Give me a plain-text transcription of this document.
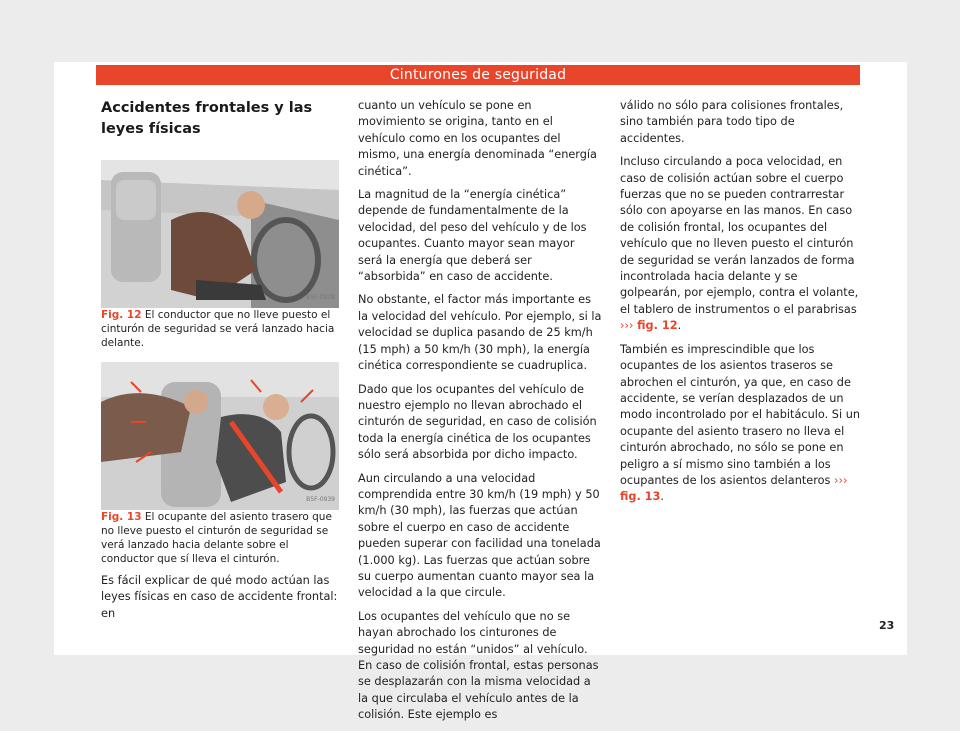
Cinturones de seguridad
Accidentes frontales y las leyes físicas
B5F-0938

Fig. 12 El conductor que no lleve puesto el cinturón de seguridad se verá lanzado hacia delante.

B5F-0939

Fig. 13 El ocupante del asiento trasero que no lleve puesto el cinturón de seguridad se verá lanzado hacia delante sobre el conductor que sí lleva el cinturón.

Es fácil explicar de qué modo actúan las leyes físicas en caso de accidente frontal: en

cuanto un vehículo se pone en movimiento se origina, tanto en el vehículo como en los ocupantes del mismo, una energía denominada “energía cinética”.

La magnitud de la “energía cinética” depende de fundamentalmente de la velocidad, del peso del vehículo y de los ocupantes. Cuanto mayor sean mayor será la energía que deberá ser “absorbida” en caso de accidente.

No obstante, el factor más importante es la velocidad del vehículo. Por ejemplo, si la velocidad se duplica pasando de 25 km/h (15 mph) a 50 km/h (30 mph), la energía cinética correspondiente se cuadruplica.

Dado que los ocupantes del vehículo de nuestro ejemplo no llevan abrochado el cinturón de seguridad, en caso de colisión toda la energía cinética de los ocupantes sólo será absorbida por dicho impacto.

Aun circulando a una velocidad comprendida entre 30 km/h (19 mph) y 50 km/h (30 mph), las fuerzas que actúan sobre el cuerpo en caso de accidente pueden superar con facilidad una tonelada (1.000 kg). Las fuerzas que actúan sobre su cuerpo aumentan cuanto mayor sea la velocidad a la que circule.

Los ocupantes del vehículo que no se hayan abrochado los cinturones de seguridad no están “unidos” al vehículo. En caso de colisión frontal, estas personas se desplazarán con la misma velocidad a la que circulaba el vehículo antes de la colisión. Este ejemplo es

válido no sólo para colisiones frontales, sino también para todo tipo de accidentes.

Incluso circulando a poca velocidad, en caso de colisión actúan sobre el cuerpo fuerzas que no se pueden contrarrestar sólo con apoyarse en las manos. En caso de colisión frontal, los ocupantes del vehículo que no lleven puesto el cinturón de seguridad se verán lanzados de forma incontrolada hacia delante y se golpearán, por ejemplo, contra el volante, el tablero de instrumentos o el parabrisas ››› fig. 12.

También es imprescindible que los ocupantes de los asientos traseros se abrochen el cinturón, ya que, en caso de accidente, se verían desplazados de un modo incontrolado por el habitáculo. Si un ocupante del asiento trasero no lleva el cinturón abrochado, no sólo se pone en peligro a sí mismo sino también a los ocupantes de los asientos delanteros ››› fig. 13.

23
